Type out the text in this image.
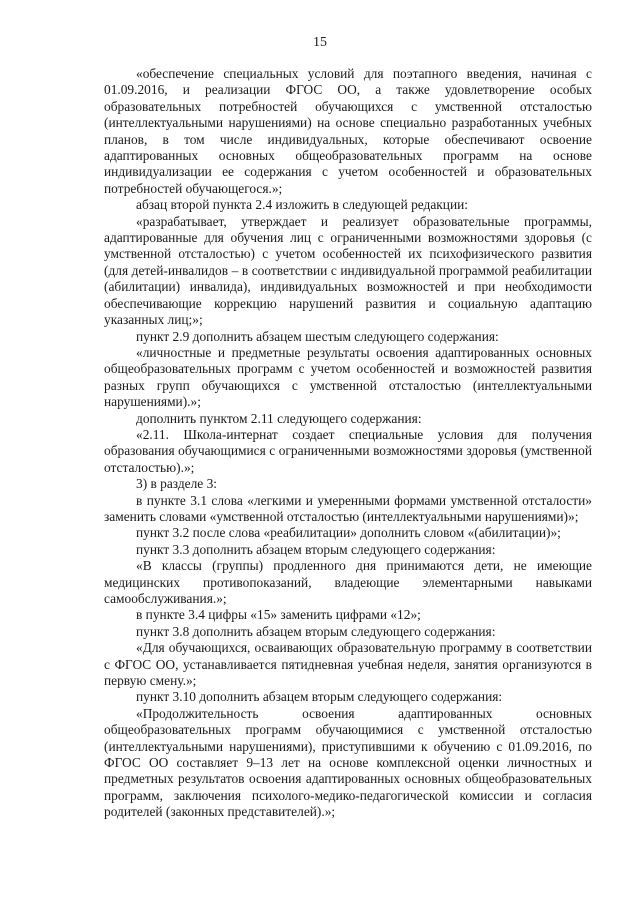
15

«обеспечение специальных условий для поэтапного введения, начиная с 01.09.2016, и реализации ФГОС ОО, а также удовлетворение особых образовательных потребностей обучающихся с умственной отсталостью (интеллектуальными нарушениями) на основе специально разработанных учебных планов, в том числе индивидуальных, которые обеспечивают освоение адаптированных основных общеобразовательных программ на основе индивидуализации ее содержания с учетом особенностей и образовательных потребностей обучающегося.»;

абзац второй пункта 2.4 изложить в следующей редакции:

«разрабатывает, утверждает и реализует образовательные программы, адаптированные для обучения лиц с ограниченными возможностями здоровья (с умственной отсталостью) с учетом особенностей их психофизического развития (для детей-инвалидов – в соответствии с индивидуальной программой реабилитации (абилитации) инвалида), индивидуальных возможностей и при необходимости обеспечивающие коррекцию нарушений развития и социальную адаптацию указанных лиц;»;

пункт 2.9 дополнить абзацем шестым следующего содержания:

«личностные и предметные результаты освоения адаптированных основных общеобразовательных программ с учетом особенностей и возможностей развития разных групп обучающихся с умственной отсталостью (интеллектуальными нарушениями).»;

дополнить пунктом 2.11 следующего содержания:

«2.11. Школа-интернат создает специальные условия для получения образования обучающимися с ограниченными возможностями здоровья (умственной отсталостью).»;

3) в разделе 3:

в пункте 3.1 слова «легкими и умеренными формами умственной отсталости» заменить словами «умственной отсталостью (интеллектуальными нарушениями)»;

пункт 3.2 после слова «реабилитации» дополнить словом «(абилитации)»;

пункт 3.3 дополнить абзацем вторым следующего содержания:

«В классы (группы) продленного дня принимаются дети, не имеющие медицинских противопоказаний, владеющие элементарными навыками самообслуживания.»;

в пункте 3.4 цифры «15» заменить цифрами «12»;

пункт 3.8 дополнить абзацем вторым следующего содержания:

«Для обучающихся, осваивающих образовательную программу в соответствии с ФГОС ОО, устанавливается пятидневная учебная неделя, занятия организуются в первую смену.»;

пункт 3.10 дополнить абзацем вторым следующего содержания:

«Продолжительность освоения адаптированных основных общеобразовательных программ обучающимися с умственной отсталостью (интеллектуальными нарушениями), приступившими к обучению с 01.09.2016, по ФГОС ОО составляет 9–13 лет на основе комплексной оценки личностных и предметных результатов освоения адаптированных основных общеобразовательных программ, заключения психолого-медико-педагогической комиссии и согласия родителей (законных представителей).»;
